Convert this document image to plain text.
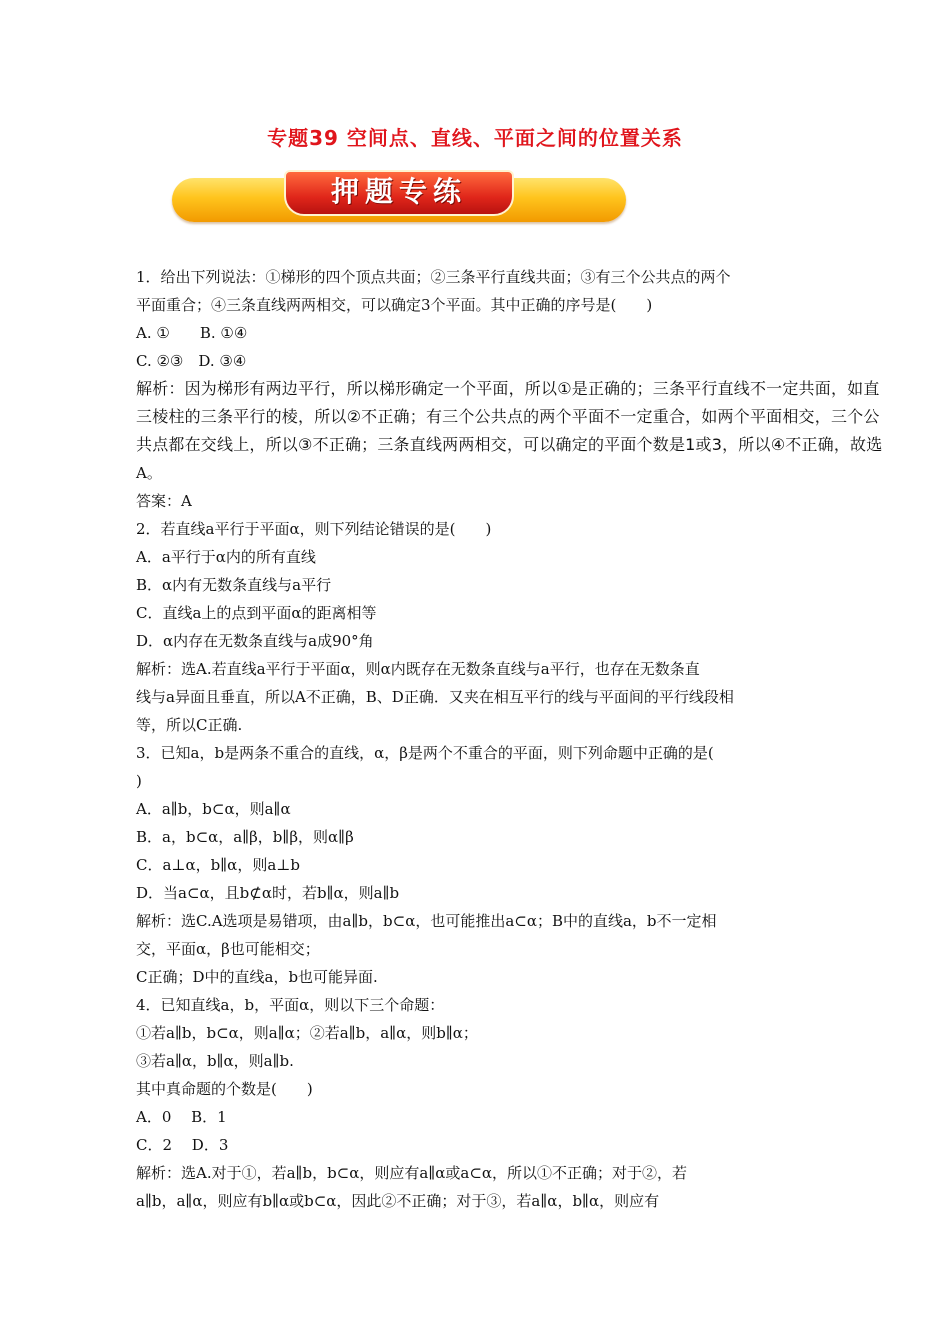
专题39 空间点、直线、平面之间的位置关系
押题专练
1．给出下列说法：①梯形的四个顶点共面；②三条平行直线共面；③有三个公共点的两个
平面重合；④三条直线两两相交，可以确定3个平面。其中正确的序号是(　　)
A. ①　　B. ①④
C. ②③　D. ③④
解析：因为梯形有两边平行，所以梯形确定一个平面，所以①是正确的；三条平行直线不一定共面，如直
三棱柱的三条平行的棱，所以②不正确；有三个公共点的两个平面不一定重合，如两个平面相交，三个公
共点都在交线上，所以③不正确；三条直线两两相交，可以确定的平面个数是1或3，所以④不正确，故选
A。
答案：A
2．若直线a平行于平面α，则下列结论错误的是(　　)
A．a平行于α内的所有直线
B．α内有无数条直线与a平行
C．直线a上的点到平面α的距离相等
D．α内存在无数条直线与a成90°角
解析：选A.若直线a平行于平面α，则α内既存在无数条直线与a平行，也存在无数条直
线与a异面且垂直，所以A不正确，B、D正确．又夹在相互平行的线与平面间的平行线段相
等，所以C正确.
3．已知a，b是两条不重合的直线，α，β是两个不重合的平面，则下列命题中正确的是(
)
A．a∥b，b⊂α，则a∥α
B．a，b⊂α，a∥β，b∥β，则α∥β
C．a⊥α，b∥α，则a⊥b
D．当a⊂α，且b⊄α时，若b∥α，则a∥b
解析：选C.A选项是易错项，由a∥b，b⊂α，也可能推出a⊂α；B中的直线a，b不一定相
交，平面α，β也可能相交；
C正确；D中的直线a，b也可能异面.
4．已知直线a，b，平面α，则以下三个命题：
①若a∥b，b⊂α，则a∥α；②若a∥b，a∥α，则b∥α；
③若a∥α，b∥α，则a∥b.
其中真命题的个数是(　　)
A．0　 B．1
C．2　 D．3
解析：选A.对于①，若a∥b，b⊂α，则应有a∥α或a⊂α，所以①不正确；对于②，若
a∥b，a∥α，则应有b∥α或b⊂α，因此②不正确；对于③，若a∥α，b∥α，则应有
